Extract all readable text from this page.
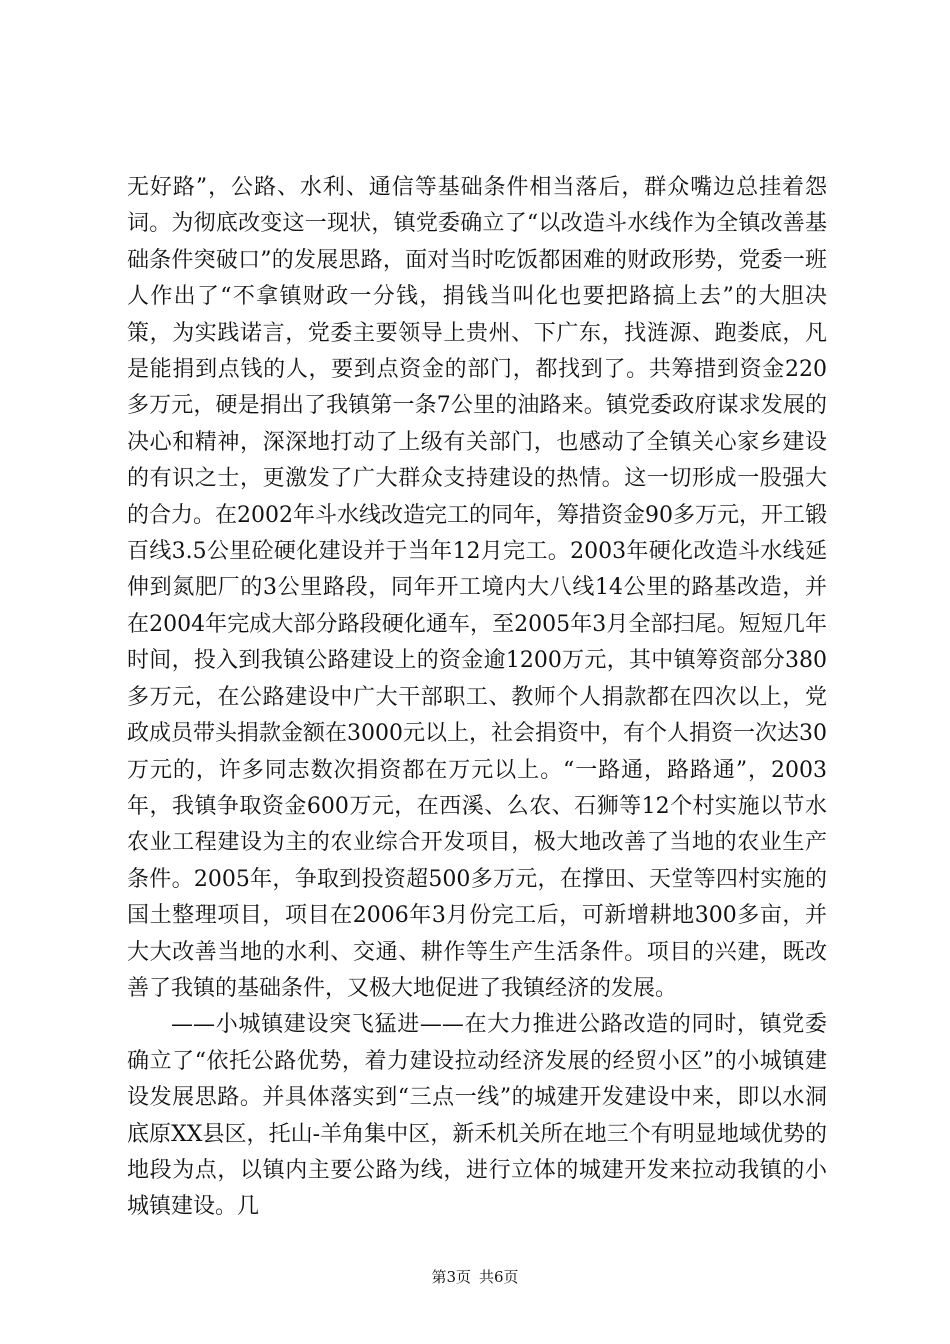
无好路”，公路、水利、通信等基础条件相当落后，群众嘴边总挂着怨词。为彻底改变这一现状，镇党委确立了“以改造斗水线作为全镇改善基础条件突破口”的发展思路，面对当时吃饭都困难的财政形势，党委一班人作出了“不拿镇财政一分钱，捐钱当叫化也要把路搞上去”的大胆决策，为实践诺言，党委主要领导上贵州、下广东，找涟源、跑娄底，凡是能捐到点钱的人，要到点资金的部门，都找到了。共筹措到资金220多万元，硬是捐出了我镇第一条7公里的油路来。镇党委政府谋求发展的决心和精神，深深地打动了上级有关部门，也感动了全镇关心家乡建设的有识之士，更激发了广大群众支持建设的热情。这一切形成一股强大的合力。在2002年斗水线改造完工的同年，筹措资金90多万元，开工锻百线3.5公里砼硬化建设并于当年12月完工。2003年硬化改造斗水线延伸到氮肥厂的3公里路段，同年开工境内大八线14公里的路基改造，并在2004年完成大部分路段硬化通车，至2005年3月全部扫尾。短短几年时间，投入到我镇公路建设上的资金逾1200万元，其中镇筹资部分380多万元，在公路建设中广大干部职工、教师个人捐款都在四次以上，党政成员带头捐款金额在3000元以上，社会捐资中，有个人捐资一次达30万元的，许多同志数次捐资都在万元以上。“一路通，路路通”，2003年，我镇争取资金600万元，在西溪、么农、石狮等12个村实施以节水农业工程建设为主的农业综合开发项目，极大地改善了当地的农业生产条件。2005年，争取到投资超500多万元，在撑田、天堂等四村实施的国土整理项目，项目在2006年3月份完工后，可新增耕地300多亩，并大大改善当地的水利、交通、耕作等生产生活条件。项目的兴建，既改善了我镇的基础条件，又极大地促进了我镇经济的发展。

——小城镇建设突飞猛进——在大力推进公路改造的同时，镇党委确立了“依托公路优势，着力建设拉动经济发展的经贸小区”的小城镇建设发展思路。并具体落实到“三点一线”的城建开发建设中来，即以水洞底原XX县区，托山-羊角集中区，新禾机关所在地三个有明显地域优势的地段为点，以镇内主要公路为线，进行立体的城建开发来拉动我镇的小城镇建设。几

第3页 共6页
